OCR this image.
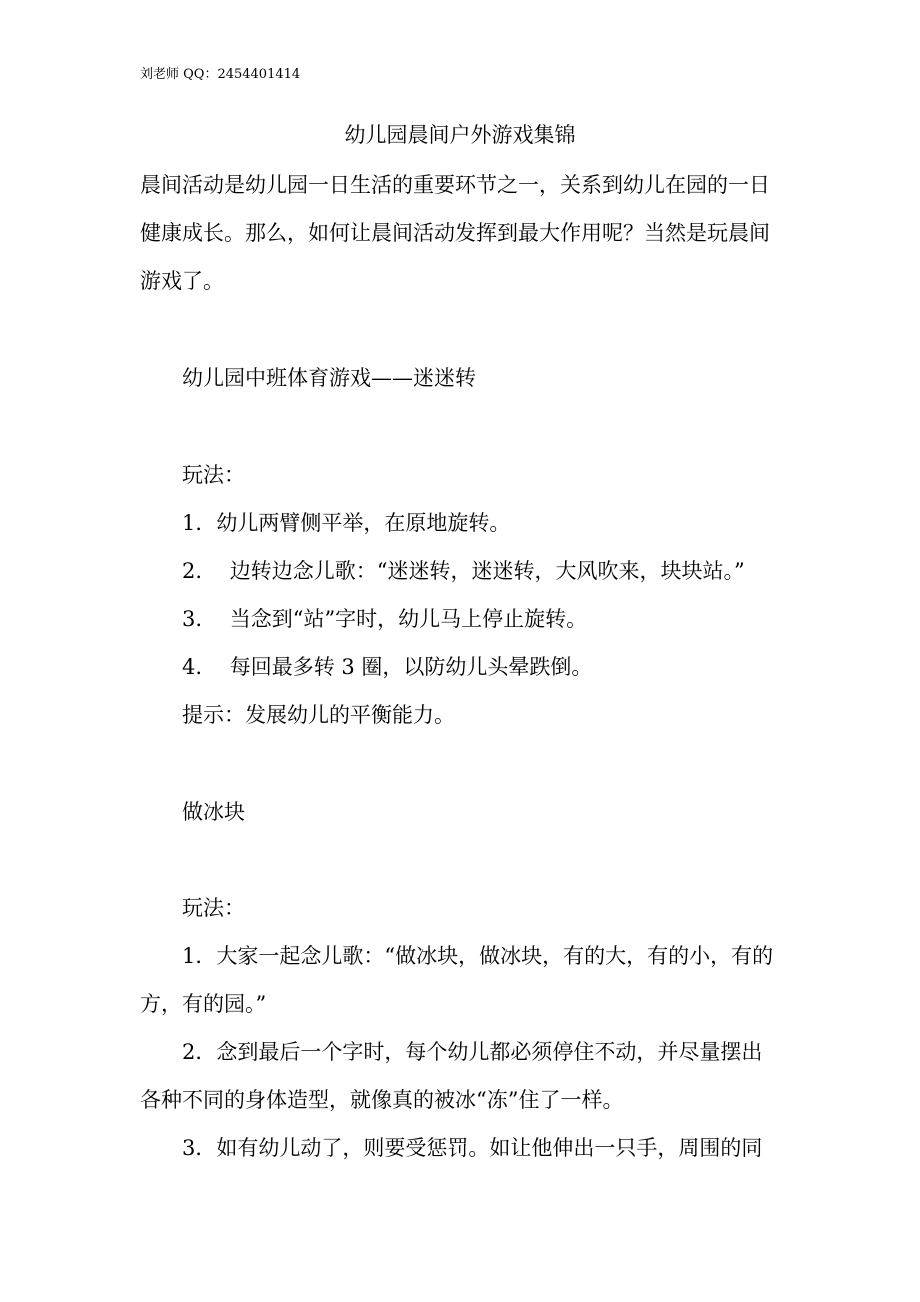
刘老师 QQ：2454401414
幼儿园晨间户外游戏集锦
晨间活动是幼儿园一日生活的重要环节之一，关系到幼儿在园的一日
健康成长。那么，如何让晨间活动发挥到最大作用呢？当然是玩晨间
游戏了。
幼儿园中班体育游戏——迷迷转
玩法：
1．幼儿两臂侧平举，在原地旋转。
2.　 边转边念儿歌：“迷迷转，迷迷转，大风吹来，块块站。”
3.　 当念到“站”字时，幼儿马上停止旋转。
4.　 每回最多转 3 圈，以防幼儿头晕跌倒。
提示：发展幼儿的平衡能力。
做冰块
玩法：
1．大家一起念儿歌：“做冰块，做冰块，有的大，有的小，有的
方，有的园。”
2．念到最后一个字时，每个幼儿都必须停住不动，并尽量摆出
各种不同的身体造型，就像真的被冰“冻”住了一样。
3．如有幼儿动了，则要受惩罚。如让他伸出一只手，周围的同
